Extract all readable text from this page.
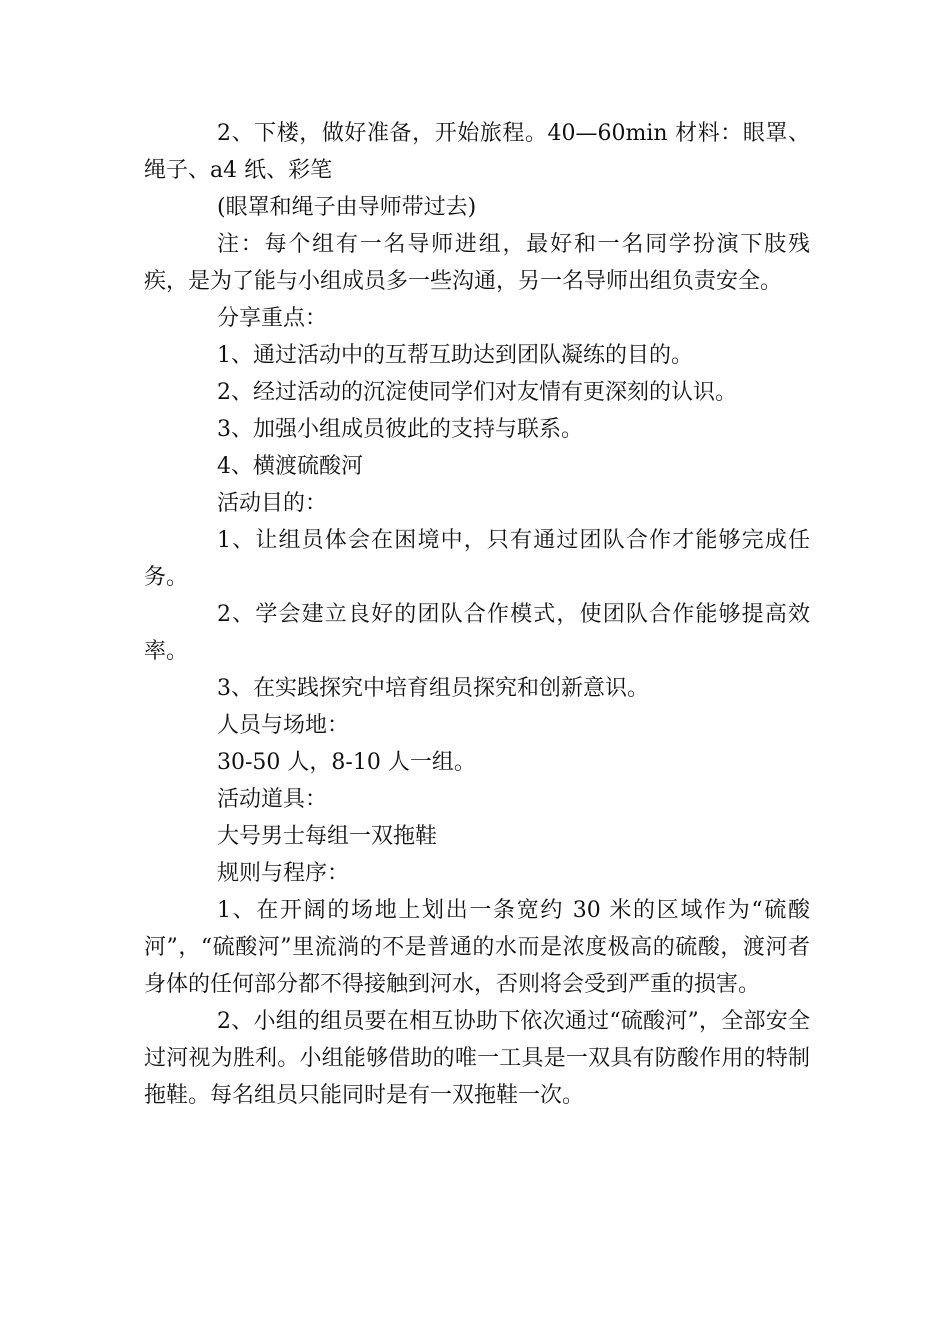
2、下楼，做好准备，开始旅程。40—60min 材料：眼罩、绳子、a4 纸、彩笔

(眼罩和绳子由导师带过去)

注：每个组有一名导师进组，最好和一名同学扮演下肢残疾，是为了能与小组成员多一些沟通，另一名导师出组负责安全。

分享重点：

1、通过活动中的互帮互助达到团队凝练的目的。

2、经过活动的沉淀使同学们对友情有更深刻的认识。

3、加强小组成员彼此的支持与联系。

4、横渡硫酸河

活动目的：

1、让组员体会在困境中，只有通过团队合作才能够完成任务。

2、学会建立良好的团队合作模式，使团队合作能够提高效率。

3、在实践探究中培育组员探究和创新意识。

人员与场地：

30-50 人，8-10 人一组。

活动道具：

大号男士每组一双拖鞋

规则与程序：

1、在开阔的场地上划出一条宽约 30 米的区域作为“硫酸河”，“硫酸河”里流淌的不是普通的水而是浓度极高的硫酸，渡河者身体的任何部分都不得接触到河水，否则将会受到严重的损害。

2、小组的组员要在相互协助下依次通过“硫酸河”，全部安全过河视为胜利。小组能够借助的唯一工具是一双具有防酸作用的特制拖鞋。每名组员只能同时是有一双拖鞋一次。
